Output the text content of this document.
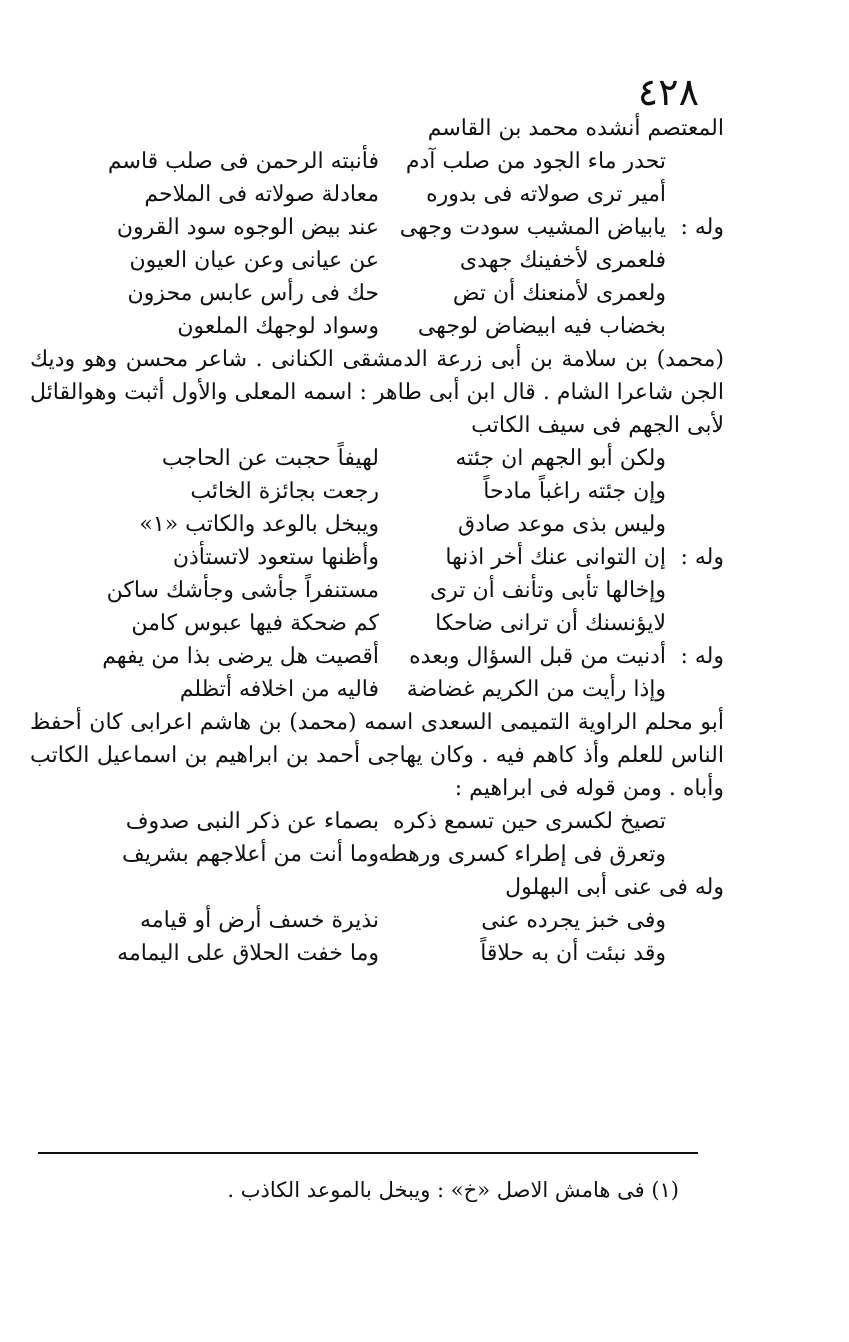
٤٢٨
المعتصم أنشده محمد بن القاسم
تحدر ماء الجود من صلب آدم
فأنبته الرحمن فى صلب قاسم
أمير ترى صولاته فى بدوره
معادلة صولاته فى الملاحم
وله :
يابياض المشيب سودت وجهى
عند بيض الوجوه سود القرون
فلعمرى لأخفينك جهدى
عن عيانى وعن عيان العيون
ولعمرى لأمنعنك أن تض
حك فى رأس عابس محزون
بخضاب فيه ابيضاض لوجهى
وسواد لوجهك الملعون
(محمد) بن سلامة بن أبى زرعة الدمشقى الكنانى . شاعر محسن وهو وديك
الجن شاعرا الشام . قال ابن أبى طاهر : اسمه المعلى والأول أثبت وهوالقائل
لأبى الجهم فى سيف الكاتب
ولكن أبو الجهم ان جئته
لهيفاً حجبت عن الحاجب
وإن جئته راغباً مادحاً
رجعت بجائزة الخائب
وليس بذى موعد صادق
ويبخل بالوعد والكاتب «١»
وله :
إن التوانى عنك أخر اذنها
وأظنها ستعود لاتستأذن
وإخالها تأبى وتأنف أن ترى
مستنفراً جأشى وجأشك ساكن
لايؤنسنك أن ترانى ضاحكا
كم ضحكة فيها عبوس كامن
وله :
أدنيت من قبل السؤال وبعده
أقصيت هل يرضى بذا من يفهم
وإذا رأيت من الكريم غضاضة
فاليه من اخلافه أتظلم
أبو محلم الراوية التميمى السعدى اسمه (محمد) بن هاشم اعرابى كان أحفظ
الناس للعلم وأذ كاهم فيه . وكان يهاجى أحمد بن ابراهيم بن اسماعيل الكاتب
وأباه . ومن قوله فى ابراهيم :
تصيخ لكسرى حين تسمع ذكره
بصماء عن ذكر النبى صدوف
وتعرق فى إطراء كسرى ورهطه
وما أنت من أعلاجهم بشريف
وله فى عنى أبى البهلول
وفى خبز يجرده عنى
نذيرة خسف أرض أو قيامه
وقد نبئت أن به حلاقاً
وما خفت الحلاق على اليمامه
(١) فى هامش الاصل «خ» : ويبخل بالموعد الكاذب .
